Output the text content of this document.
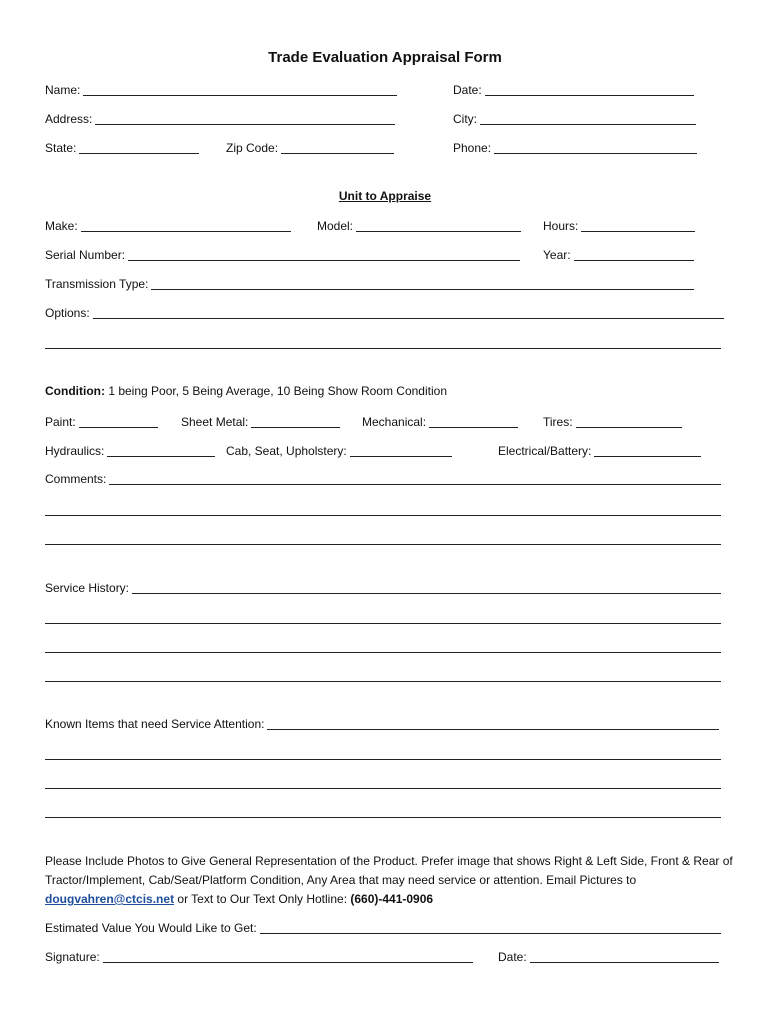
Trade Evaluation Appraisal Form
Name:	Date:
Address:	City:
State:	Zip Code:	Phone:
Unit to Appraise
Make:	Model:	Hours:
Serial Number:	Year:
Transmission Type:
Options:
Condition: 1 being Poor, 5 Being Average, 10 Being Show Room Condition
Paint:	Sheet Metal:	Mechanical:	Tires:
Hydraulics:	Cab, Seat, Upholstery:	Electrical/Battery:
Comments:
Service History:
Known Items that need Service Attention:
Please Include Photos to Give General Representation of the Product. Prefer image that shows Right & Left Side, Front & Rear of Tractor/Implement, Cab/Seat/Platform Condition, Any Area that may need service or attention. Email Pictures to
dougvahren@ctcis.net or Text to Our Text Only Hotline: (660)-441-0906
Estimated Value You Would Like to Get:
Signature:	Date:
